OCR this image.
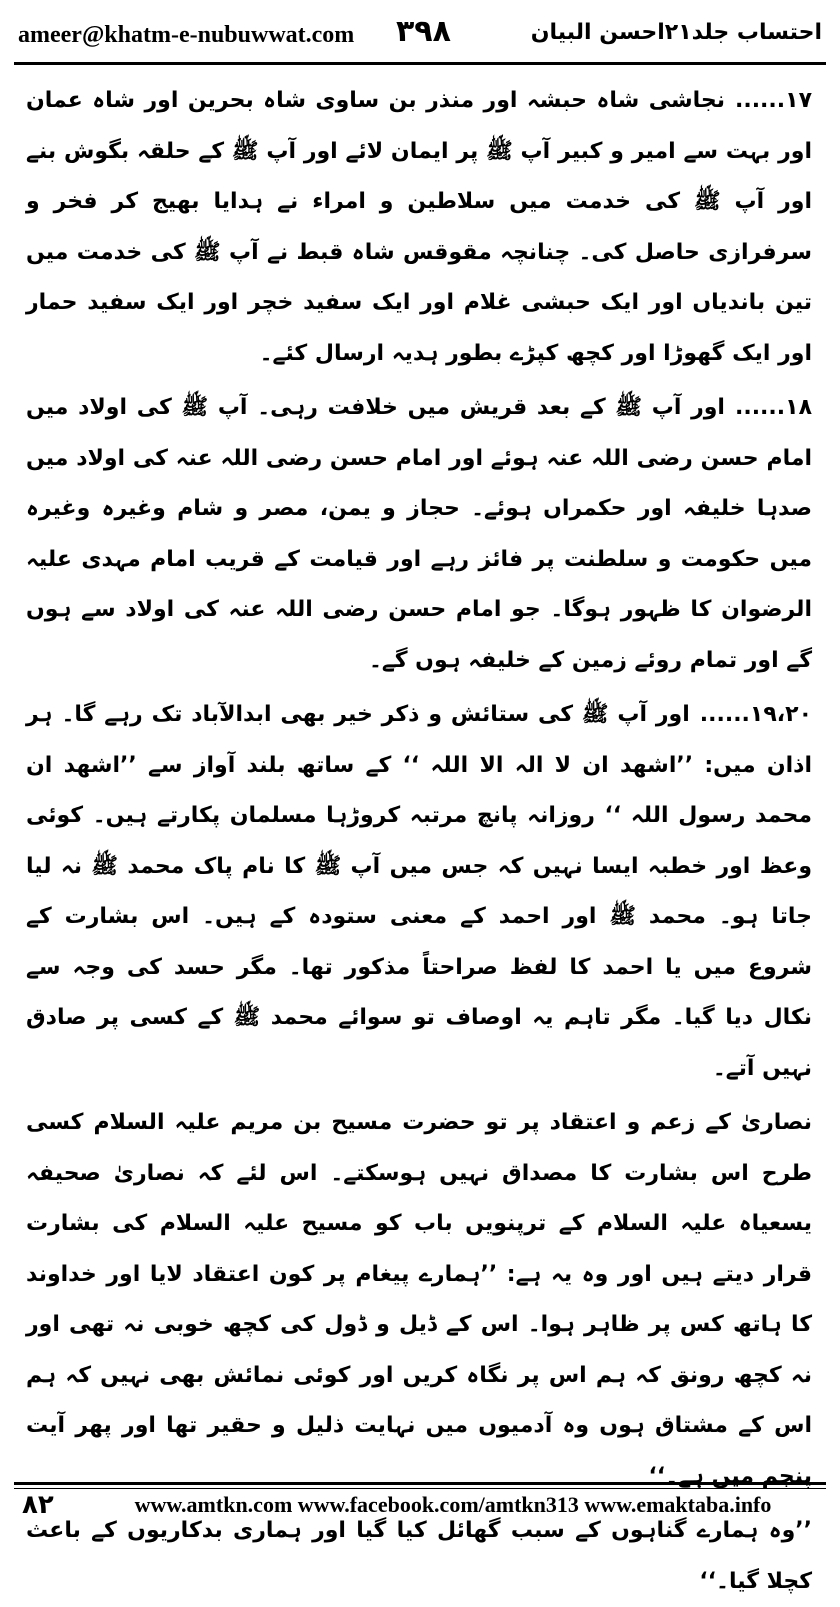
ameer@khatm-e-nubuwwat.com ۳۹۸	احتساب جلد۲۱احسن البیان

۱۷......نجاشی شاہ حبشہ اور منذر بن ساوی شاہ بحرین اور شاہ عمان اور بہت سے امیر و کبیر آپ ﷺ پر ایمان لائے اور آپ ﷺ کے حلقہ بگوش بنے اور آپ ﷺ کی خدمت میں سلاطین و امراء نے ہدایا بھیج کر فخر و سرفرازی حاصل کی۔ چنانچہ مقوقس شاہ قبط نے آپ ﷺ کی خدمت میں تین باندیاں اور ایک حبشی غلام اور ایک سفید خچر اور ایک سفید حمار اور ایک گھوڑا اور کچھ کپڑے بطور ہدیہ ارسال کئے۔

۱۸......اور آپ ﷺ کے بعد قریش میں خلافت رہی۔ آپ ﷺ کی اولاد میں امام حسن رضی اللہ عنہ ہوئے اور امام حسن رضی اللہ عنہ کی اولاد میں صدہا خلیفہ اور حکمراں ہوئے۔ حجاز و یمن، مصر و شام وغیرہ وغیرہ میں حکومت و سلطنت پر فائز رہے اور قیامت کے قریب امام مہدی علیہ الرضوان کا ظہور ہوگا۔ جو امام حسن رضی اللہ عنہ کی اولاد سے ہوں گے اور تمام روئے زمین کے خلیفہ ہوں گے۔

۱۹،۲۰......اور آپ ﷺ کی ستائش و ذکر خیر بھی ابدالآباد تک رہے گا۔ ہر اذان میں: ’’اشھد ان لا الہ الا اللہ ‘‘ کے ساتھ بلند آواز سے ’’اشھد ان محمد رسول اللہ ‘‘ روزانہ پانچ مرتبہ کروڑہا مسلمان پکارتے ہیں۔ کوئی وعظ اور خطبہ ایسا نہیں کہ جس میں آپ ﷺ کا نام پاک محمد ﷺ نہ لیا جاتا ہو۔ محمد ﷺ اور احمد کے معنی ستودہ کے ہیں۔ اس بشارت کے شروع میں یا احمد کا لفظ صراحتاً مذکور تھا۔ مگر حسد کی وجہ سے نکال دیا گیا۔ مگر تاہم یہ اوصاف تو سوائے محمد ﷺ کے کسی پر صادق نہیں آتے۔

نصاریٰ کے زعم و اعتقاد پر تو حضرت مسیح بن مریم علیہ السلام کسی طرح اس بشارت کا مصداق نہیں ہوسکتے۔ اس لئے کہ نصاریٰ صحیفہ یسعیاہ علیہ السلام کے ترپنویں باب کو مسیح علیہ السلام کی بشارت قرار دیتے ہیں اور وہ یہ ہے: ’’ہمارے پیغام پر کون اعتقاد لایا اور خداوند کا ہاتھ کس پر ظاہر ہوا۔ اس کے ڈیل و ڈول کی کچھ خوبی نہ تھی اور نہ کچھ رونق کہ ہم اس پر نگاہ کریں اور کوئی نمائش بھی نہیں کہ ہم اس کے مشتاق ہوں وہ آدمیوں میں نہایت ذلیل و حقیر تھا اور پھر آیت پنجم میں ہے۔‘‘

’’وہ ہمارے گناہوں کے سبب گھائل کیا گیا اور ہماری بدکاریوں کے باعث کچلا گیا۔‘‘

۸۲	www.amtkn.com www.facebook.com/amtkn313 www.emaktaba.info
